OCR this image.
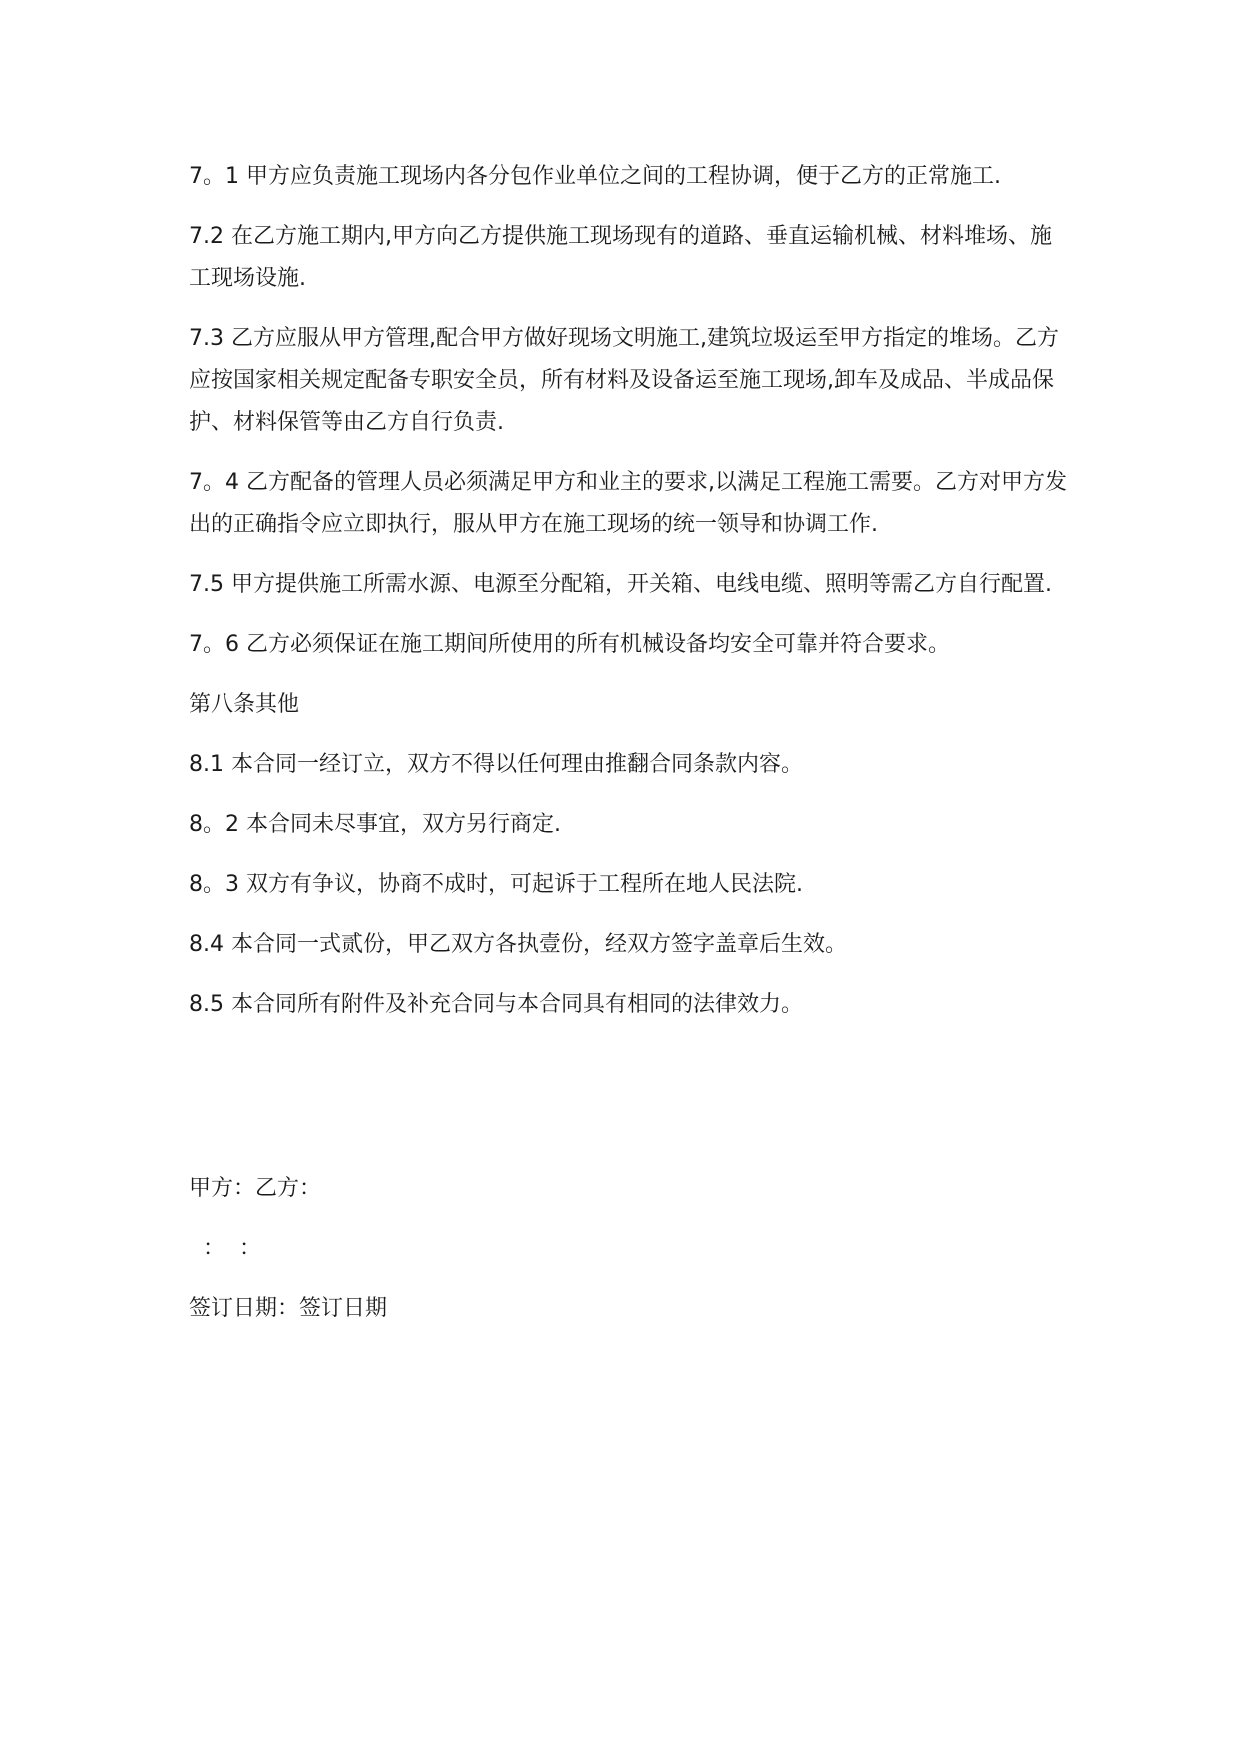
7。1 甲方应负责施工现场内各分包作业单位之间的工程协调，便于乙方的正常施工.

7.2 在乙方施工期内,甲方向乙方提供施工现场现有的道路、垂直运输机械、材料堆场、施工现场设施.

7.3 乙方应服从甲方管理,配合甲方做好现场文明施工,建筑垃圾运至甲方指定的堆场。乙方应按国家相关规定配备专职安全员，所有材料及设备运至施工现场,卸车及成品、半成品保护、材料保管等由乙方自行负责.

7。4 乙方配备的管理人员必须满足甲方和业主的要求,以满足工程施工需要。乙方对甲方发出的正确指令应立即执行，服从甲方在施工现场的统一领导和协调工作.

7.5 甲方提供施工所需水源、电源至分配箱，开关箱、电线电缆、照明等需乙方自行配置.

7。6 乙方必须保证在施工期间所使用的所有机械设备均安全可靠并符合要求。

第八条其他

8.1 本合同一经订立，双方不得以任何理由推翻合同条款内容。

8。2 本合同未尽事宜，双方另行商定.

8。3 双方有争议，协商不成时，可起诉于工程所在地人民法院.

8.4 本合同一式贰份，甲乙双方各执壹份，经双方签字盖章后生效。

8.5 本合同所有附件及补充合同与本合同具有相同的法律效力。

甲方：乙方：

：  ：

签订日期：签订日期
